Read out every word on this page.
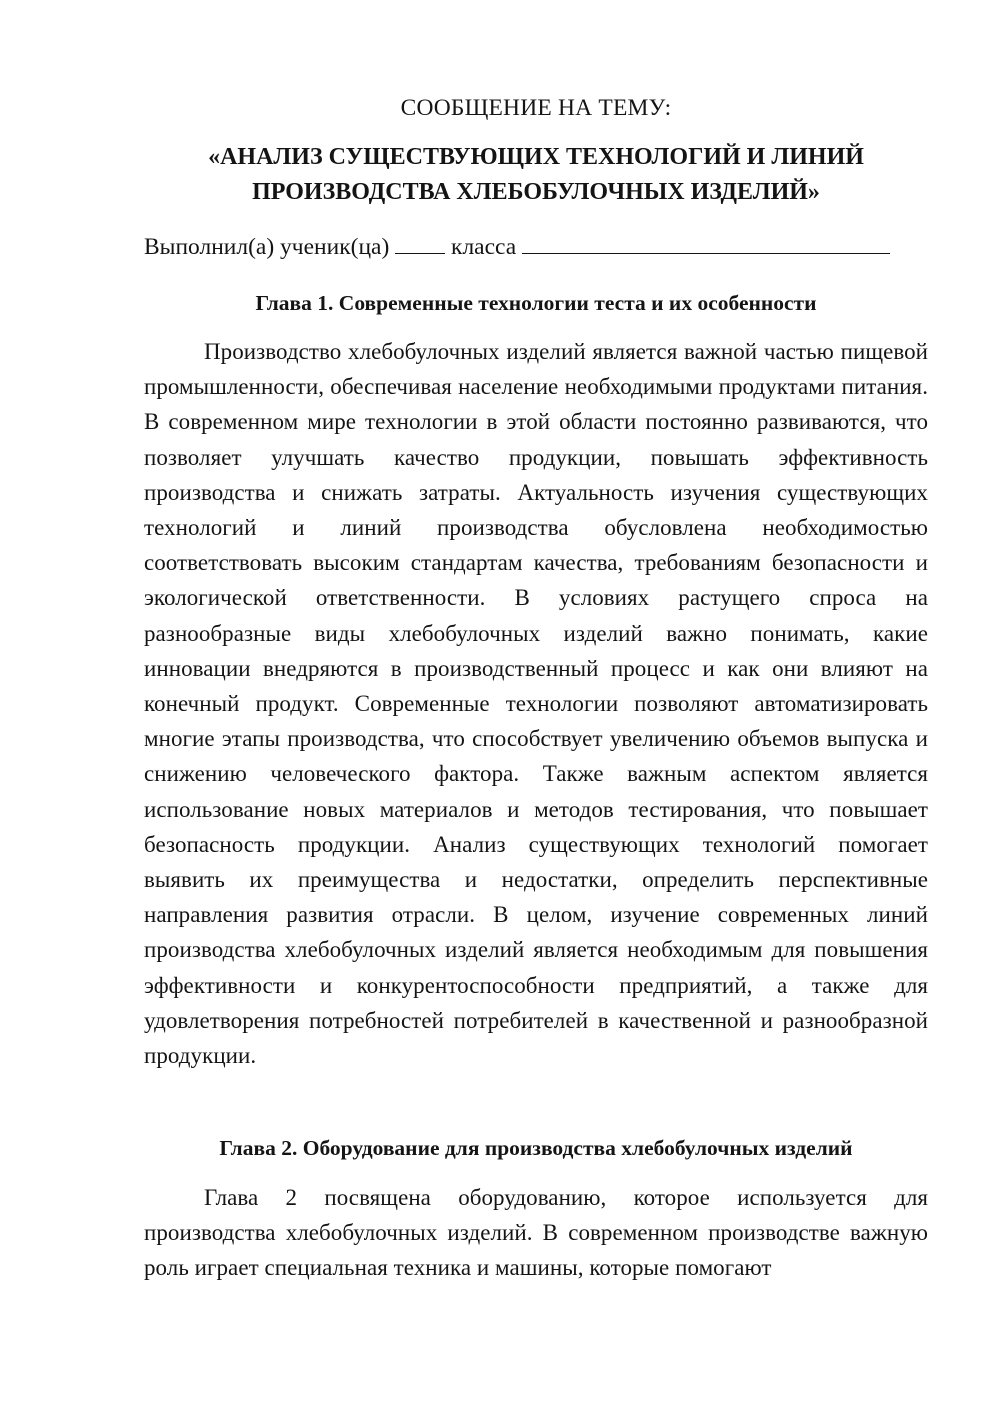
СООБЩЕНИЕ НА ТЕМУ:
«АНАЛИЗ СУЩЕСТВУЮЩИХ ТЕХНОЛОГИЙ И ЛИНИЙ ПРОИЗВОДСТВА ХЛЕБОБУЛОЧНЫХ ИЗДЕЛИЙ»
Выполнил(а) ученик(ца)	класса
Глава 1. Современные технологии теста и их особенности
Производство хлебобулочных изделий является важной частью пищевой промышленности, обеспечивая население необходимыми продуктами питания. В современном мире технологии в этой области постоянно развиваются, что позволяет улучшать качество продукции, повышать эффективность производства и снижать затраты. Актуальность изучения существующих технологий и линий производства обусловлена необходимостью соответствовать высоким стандартам качества, требованиям безопасности и экологической ответственности. В условиях растущего спроса на разнообразные виды хлебобулочных изделий важно понимать, какие инновации внедряются в производственный процесс и как они влияют на конечный продукт. Современные технологии позволяют автоматизировать многие этапы производства, что способствует увеличению объемов выпуска и снижению человеческого фактора. Также важным аспектом является использование новых материалов и методов тестирования, что повышает безопасность продукции. Анализ существующих технологий помогает выявить их преимущества и недостатки, определить перспективные направления развития отрасли. В целом, изучение современных линий производства хлебобулочных изделий является необходимым для повышения эффективности и конкурентоспособности предприятий, а также для удовлетворения потребностей потребителей в качественной и разнообразной продукции.
Глава 2. Оборудование для производства хлебобулочных изделий
Глава 2 посвящена оборудованию, которое используется для производства хлебобулочных изделий. В современном производстве важную роль играет специальная техника и машины, которые помогают
